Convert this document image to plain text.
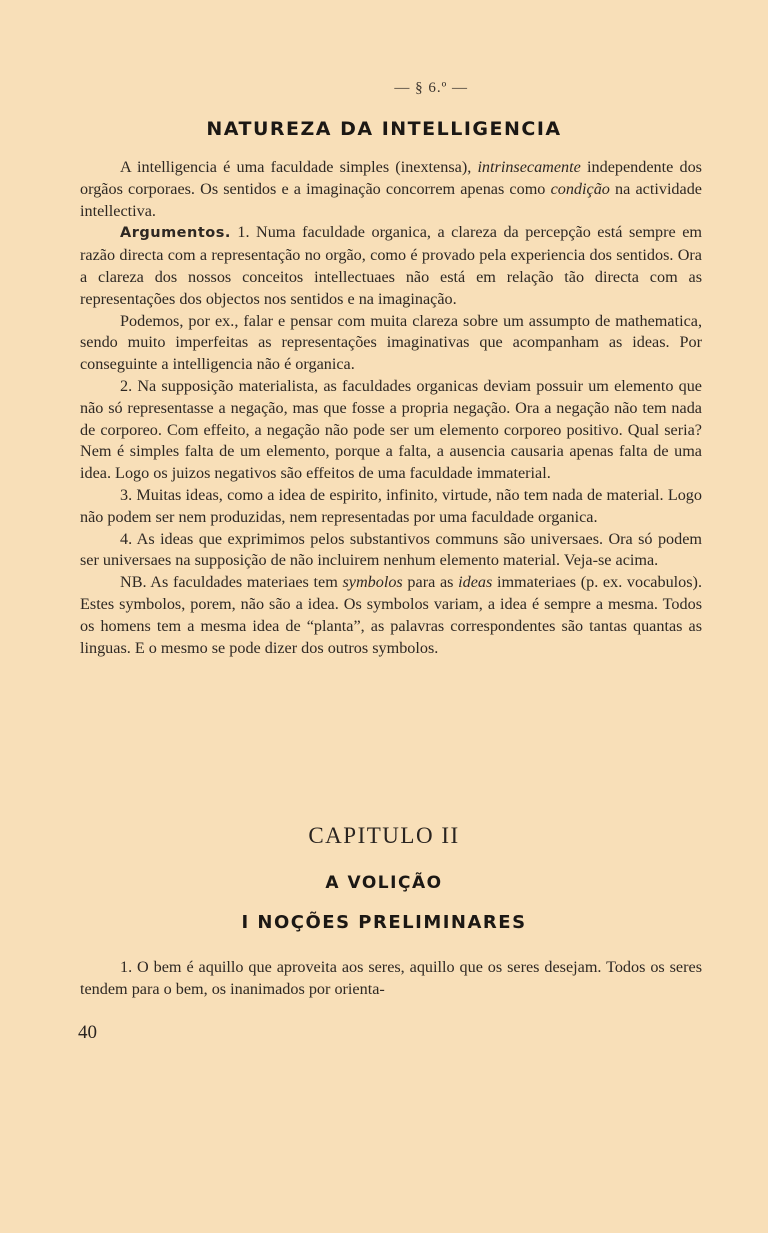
— § 6.º —
NATUREZA DA INTELLIGENCIA

A intelligencia é uma faculdade simples (inextensa), intrinsecamente independente dos orgãos corporaes. Os sentidos e a imaginação concorrem apenas como condição na actividade intellectiva.

Argumentos. 1. Numa faculdade organica, a clareza da percepção está sempre em razão directa com a representação no orgão, como é provado pela experiencia dos sentidos. Ora a clareza dos nossos conceitos intellectuaes não está em relação tão directa com as representações dos objectos nos sentidos e na imaginação.

Podemos, por ex., falar e pensar com muita clareza sobre um assumpto de mathematica, sendo muito imperfeitas as representações imaginativas que acompanham as ideas. Por conseguinte a intelligencia não é organica.

2. Na supposição materialista, as faculdades organicas deviam possuir um elemento que não só representasse a negação, mas que fosse a propria negação. Ora a negação não tem nada de corporeo. Com effeito, a negação não pode ser um elemento corporeo positivo. Qual seria? Nem é simples falta de um elemento, porque a falta, a ausencia causaria apenas falta de uma idea. Logo os juizos negativos são effeitos de uma faculdade immaterial.

3. Muitas ideas, como a idea de espirito, infinito, virtude, não tem nada de material. Logo não podem ser nem produzidas, nem representadas por uma faculdade organica.

4. As ideas que exprimimos pelos substantivos communs são universaes. Ora só podem ser universaes na supposição de não incluirem nenhum elemento material. Veja-se acima.

NB. As faculdades materiaes tem symbolos para as ideas immateriaes (p. ex. vocabulos). Estes symbolos, porem, não são a idea. Os symbolos variam, a idea é sempre a mesma. Todos os homens tem a mesma idea de “planta”, as palavras correspondentes são tantas quantas as linguas. E o mesmo se pode dizer dos outros symbolos.

CAPITULO II
A VOLIÇÃO
I NOÇÕES PRELIMINARES

1. O bem é aquillo que aproveita aos seres, aquillo que os seres desejam. Todos os seres tendem para o bem, os inanimados por orienta-

40
